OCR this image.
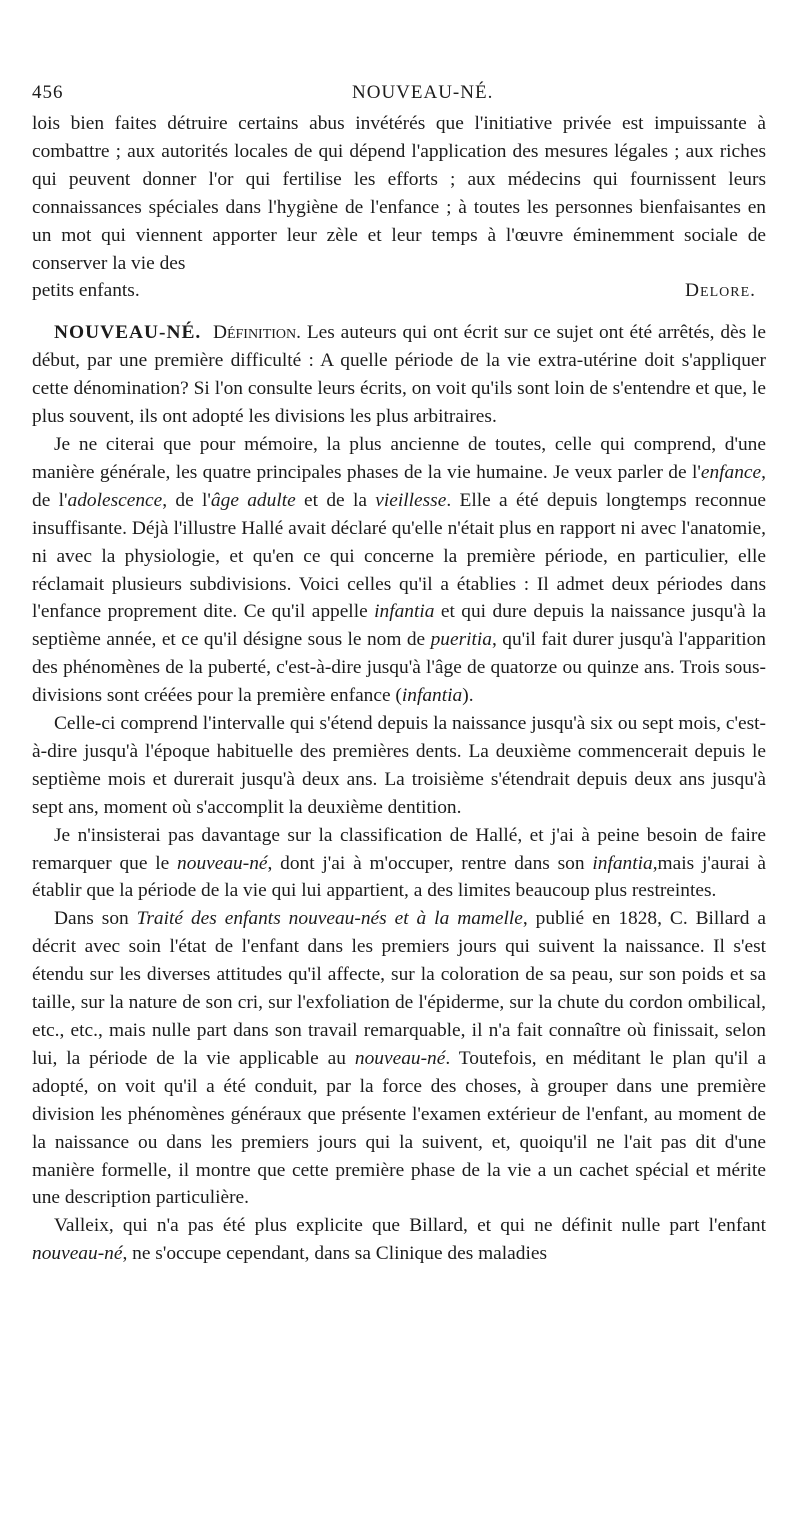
456	NOUVEAU-NÉ.

lois bien faites détruire certains abus invétérés que l'initiative privée est impuissante à combattre ; aux autorités locales de qui dépend l'application des mesures légales ; aux riches qui peuvent donner l'or qui fertilise les efforts ; aux médecins qui fournissent leurs connaissances spéciales dans l'hygiène de l'enfance ; à toutes les personnes bienfaisantes en un mot qui viennent apporter leur zèle et leur temps à l'œuvre éminemment sociale de conserver la vie des

petits enfants.	Delore.

NOUVEAU-NÉ. Définition. Les auteurs qui ont écrit sur ce sujet ont été arrêtés, dès le début, par une première difficulté : A quelle période de la vie extra-utérine doit s'appliquer cette dénomination? Si l'on consulte leurs écrits, on voit qu'ils sont loin de s'entendre et que, le plus souvent, ils ont adopté les divisions les plus arbitraires.

Je ne citerai que pour mémoire, la plus ancienne de toutes, celle qui comprend, d'une manière générale, les quatre principales phases de la vie humaine. Je veux parler de l'enfance, de l'adolescence, de l'âge adulte et de la vieillesse. Elle a été depuis longtemps reconnue insuffisante. Déjà l'illustre Hallé avait déclaré qu'elle n'était plus en rapport ni avec l'anatomie, ni avec la physiologie, et qu'en ce qui concerne la première période, en particulier, elle réclamait plusieurs subdivisions. Voici celles qu'il a établies : Il admet deux périodes dans l'enfance proprement dite. Ce qu'il appelle infantia et qui dure depuis la naissance jusqu'à la septième année, et ce qu'il désigne sous le nom de pueritia, qu'il fait durer jusqu'à l'apparition des phénomènes de la puberté, c'est-à-dire jusqu'à l'âge de quatorze ou quinze ans. Trois sous-divisions sont créées pour la première enfance (infantia).

Celle-ci comprend l'intervalle qui s'étend depuis la naissance jusqu'à six ou sept mois, c'est-à-dire jusqu'à l'époque habituelle des premières dents. La deuxième commencerait depuis le septième mois et durerait jusqu'à deux ans. La troisième s'étendrait depuis deux ans jusqu'à sept ans, moment où s'accomplit la deuxième dentition.

Je n'insisterai pas davantage sur la classification de Hallé, et j'ai à peine besoin de faire remarquer que le nouveau-né, dont j'ai à m'occuper, rentre dans son infantia,mais j'aurai à établir que la période de la vie qui lui appartient, a des limites beaucoup plus restreintes.

Dans son Traité des enfants nouveau-nés et à la mamelle, publié en 1828, C. Billard a décrit avec soin l'état de l'enfant dans les premiers jours qui suivent la naissance. Il s'est étendu sur les diverses attitudes qu'il affecte, sur la coloration de sa peau, sur son poids et sa taille, sur la nature de son cri, sur l'exfoliation de l'épiderme, sur la chute du cordon ombilical, etc., etc., mais nulle part dans son travail remarquable, il n'a fait connaître où finissait, selon lui, la période de la vie applicable au nouveau-né. Toutefois, en méditant le plan qu'il a adopté, on voit qu'il a été conduit, par la force des choses, à grouper dans une première division les phénomènes généraux que présente l'examen extérieur de l'enfant, au moment de la naissance ou dans les premiers jours qui la suivent, et, quoiqu'il ne l'ait pas dit d'une manière formelle, il montre que cette première phase de la vie a un cachet spécial et mérite une description particulière.

Valleix, qui n'a pas été plus explicite que Billard, et qui ne définit nulle part l'enfant nouveau-né, ne s'occupe cependant, dans sa Clinique des maladies
